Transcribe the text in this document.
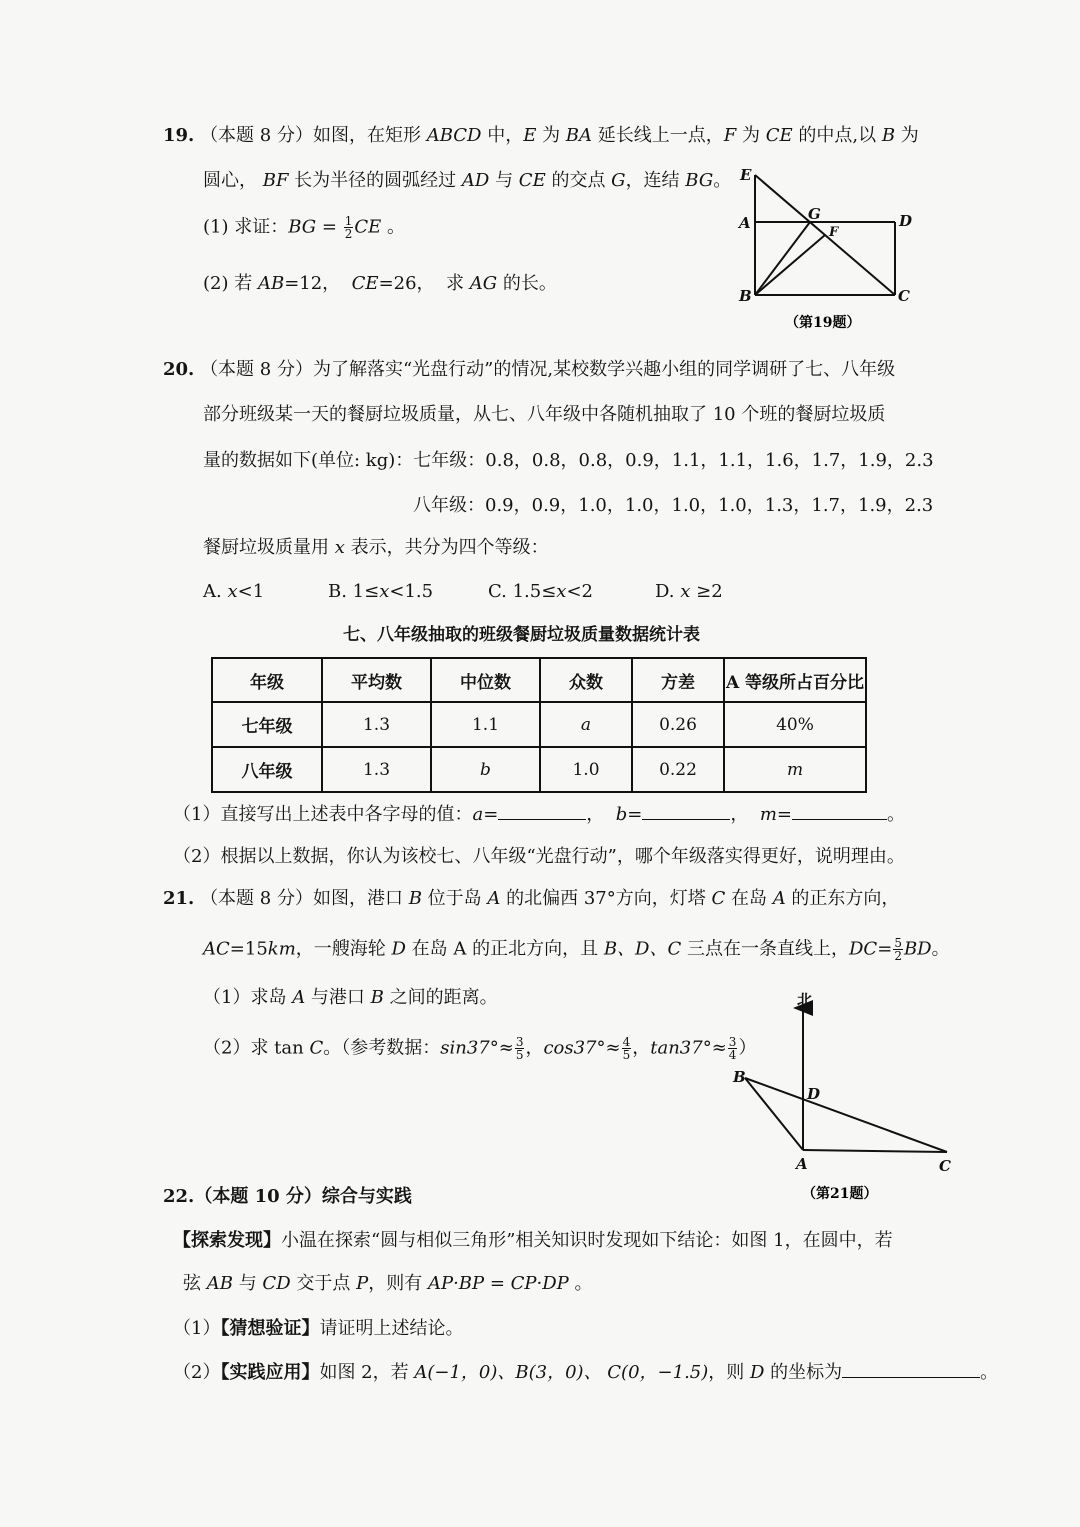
19. （本题 8 分）如图，在矩形 ABCD 中，E 为 BA 延长线上一点，F 为 CE 的中点,以 B 为
圆心， BF 长为半径的圆弧经过 AD 与 CE 的交点 G，连结 BG。
(1) 求证：BG = $\frac{1}{2}$ CE 。
(2) 若 AB=12， CE=26， 求 AG 的长。
E
A	G	D
F
B	C
（第19题）
20. （本题 8 分）为了解落实“光盘行动”的情况,某校数学兴趣小组的同学调研了七、八年级
部分班级某一天的餐厨垃圾质量，从七、八年级中各随机抽取了 10 个班的餐厨垃圾质
量的数据如下(单位: kg)：七年级：0.8，0.8，0.8，0.9，1.1，1.1，1.6，1.7，1.9，2.3
八年级：0.9，0.9，1.0，1.0，1.0，1.0，1.3，1.7，1.9，2.3
餐厨垃圾质量用 x 表示，共分为四个等级：
A. x<1	B. 1≤x<1.5	C. 1.5≤x<2	D. x ≥2
七、八年级抽取的班级餐厨垃圾质量数据统计表
年级	平均数	中位数	众数	方差	A 等级所占百分比
七年级	1.3	1.1	a	0.26	40%
八年级	1.3	b	1.0	0.22	m
（1）直接写出上述表中各字母的值：a=	， b=	， m=	。
（2）根据以上数据，你认为该校七、八年级“光盘行动”，哪个年级落实得更好，说明理由。
21. （本题 8 分）如图，港口 B 位于岛 A 的北偏西 37°方向，灯塔 C 在岛 A 的正东方向，
AC=15km，一艘海轮 D 在岛 A 的正北方向，且 B、D、C 三点在一条直线上，$DC= \frac{5}{2}$ BD。
（1）求岛 A 与港口 B 之间的距离。
（2）求 tan C。（参考数据：$\sin 37^\circ\approx \frac{3}{5}$ ，$\cos 37^\circ\approx \frac{4}{5}$ ，$\tan 37^\circ\approx \frac{3}{4}$ ）
北
B
D
A	C
（第21题）
22.（本题 10 分）综合与实践
【探索发现】小温在探索“圆与相似三角形”相关知识时发现如下结论：如图 1，在圆中，若
弦 AB 与 CD 交于点 P，则有 AP·BP = CP·DP 。
（1）【猜想验证】请证明上述结论。
（2）【实践应用】如图 2，若 A(−1，0)、B(3，0)、 C(0，−1.5)，则 D 的坐标为	。
